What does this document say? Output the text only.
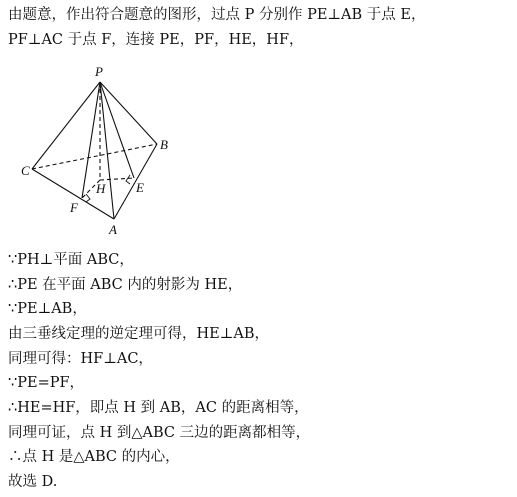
由题意，作出符合题意的图形，过点 P 分别作 PE⊥AB 于点 E，
PF⊥AC 于点 F，连接 PE，PF，HE，HF，
P
B
C
H E
F
A
∵PH⊥平面 ABC，
∴PE 在平面 ABC 内的射影为 HE，
∵PE⊥AB，
由三垂线定理的逆定理可得，HE⊥AB，
同理可得：HF⊥AC，
∵PE=PF，
∴HE=HF，即点 H 到 AB，AC 的距离相等，
同理可证，点 H 到△ABC 三边的距离都相等，
∴点 H 是△ABC 的内心，
故选 D.
